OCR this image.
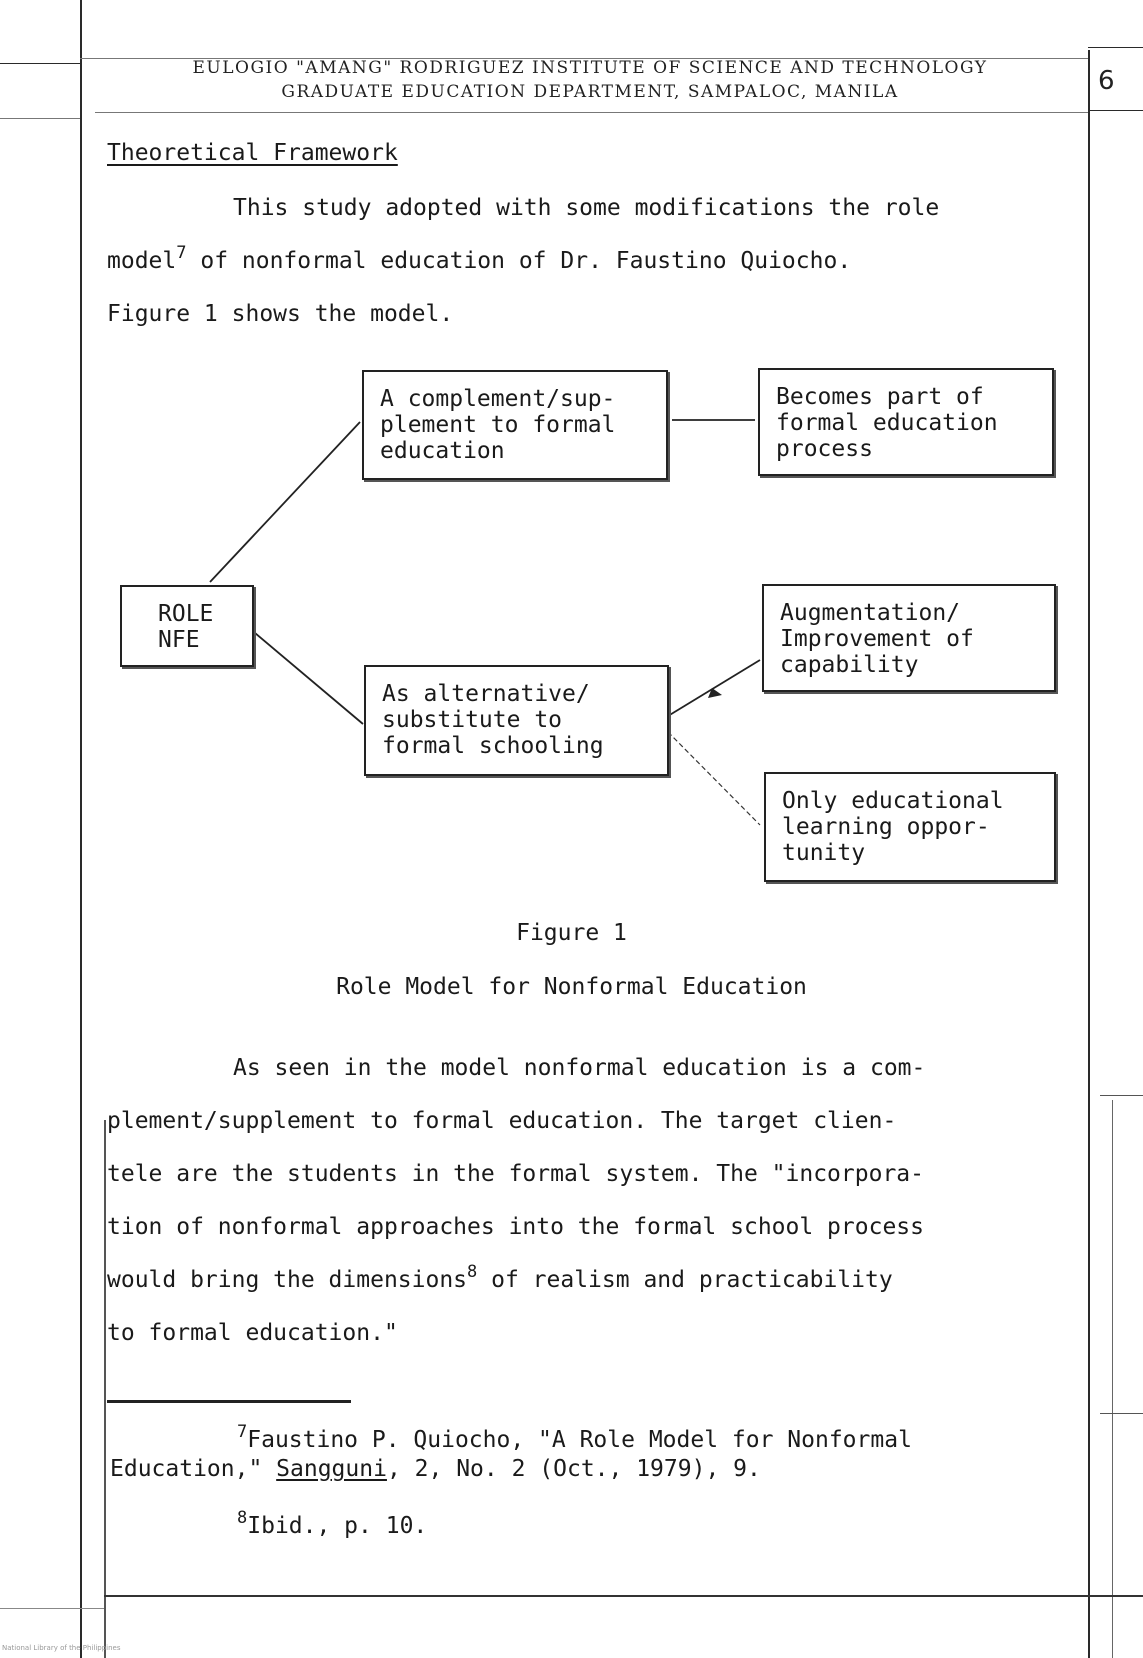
EULOGIO "AMANG" RODRIGUEZ INSTITUTE OF SCIENCE AND TECHNOLOGY
GRADUATE EDUCATION DEPARTMENT, SAMPALOC, MANILA	6
Theoretical Framework
This study adopted with some modifications the role
model$^7$ of nonformal education of Dr. Faustino Quiocho.
Figure 1 shows the model.
ROLE
NFE
A complement/sup-
plement to formal
education
Becomes part of
formal education
process
As alternative/
substitute to
formal schooling
Augmentation/
Improvement of
capability
Only educational
learning oppor-
tunity
Figure 1
Role Model for Nonformal Education
As seen in the model nonformal education is a com-
plement/supplement to formal education. The target clien-
tele are the students in the formal system. The "incorpora-
tion of nonformal approaches into the formal school process
would bring the dimensions$^8$ of realism and practicability
to formal education."
$^7$Faustino P. Quiocho, "A Role Model for Nonformal
Education," Sangguni, 2, No. 2 (Oct., 1979), 9.
$^8$Ibid., p. 10.
National Library of the Philippines
